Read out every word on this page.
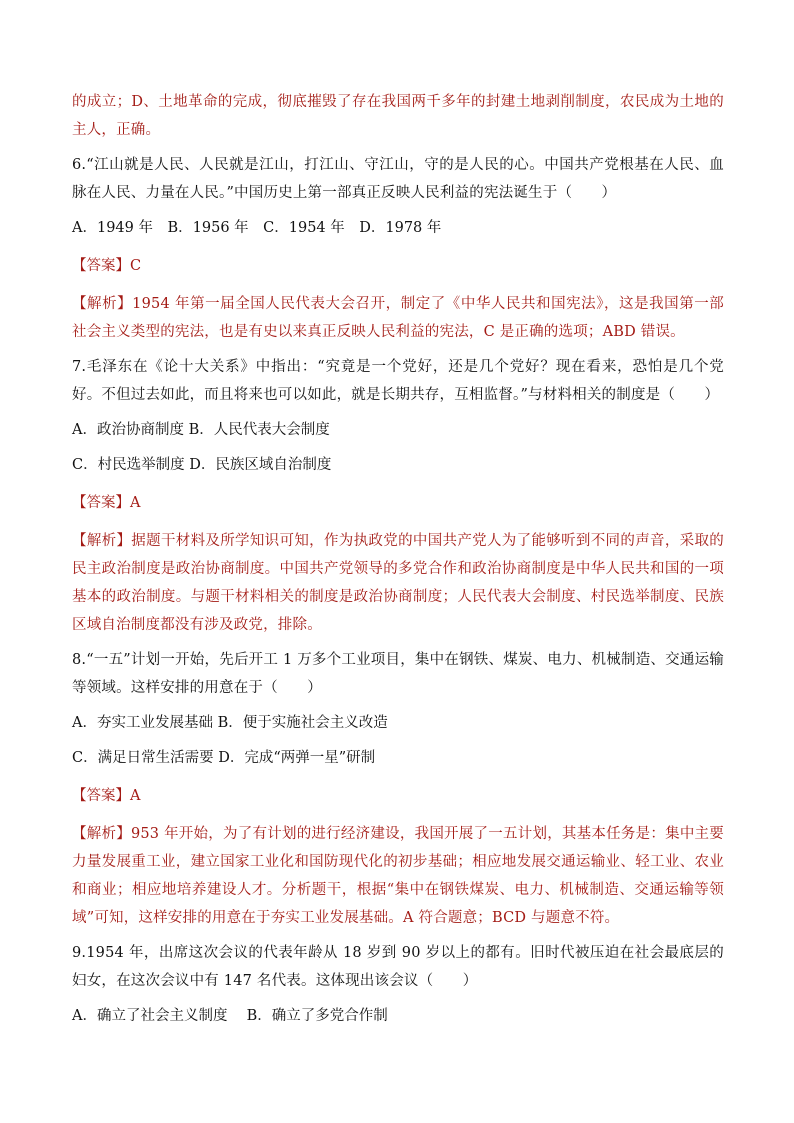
的成立；D、土地革命的完成，彻底摧毁了存在我国两千多年的封建土地剥削制度，农民成为土地的主人，正确。

6.“江山就是人民、人民就是江山，打江山、守江山，守的是人民的心。中国共产党根基在人民、血脉在人民、力量在人民。”中国历史上第一部真正反映人民利益的宪法诞生于（　　）

A．1949 年　B．1956 年　C．1954 年　D．1978 年

【答案】C

【解析】1954 年第一届全国人民代表大会召开，制定了《中华人民共和国宪法》，这是我国第一部社会主义类型的宪法，也是有史以来真正反映人民利益的宪法，C 是正确的选项；ABD 错误。

7.毛泽东在《论十大关系》中指出：“究竟是一个党好，还是几个党好？现在看来，恐怕是几个党好。不但过去如此，而且将来也可以如此，就是长期共存，互相监督。”与材料相关的制度是（　　）

A．政治协商制度 B．人民代表大会制度

C．村民选举制度 D．民族区域自治制度

【答案】A

【解析】据题干材料及所学知识可知，作为执政党的中国共产党人为了能够听到不同的声音，采取的民主政治制度是政治协商制度。中国共产党领导的多党合作和政治协商制度是中华人民共和国的一项基本的政治制度。与题干材料相关的制度是政治协商制度；人民代表大会制度、村民选举制度、民族区域自治制度都没有涉及政党，排除。

8.“一五”计划一开始，先后开工 1 万多个工业项目，集中在钢铁、煤炭、电力、机械制造、交通运输等领域。这样安排的用意在于（　　）

A．夯实工业发展基础 B．便于实施社会主义改造

C．满足日常生活需要 D．完成“两弹一星”研制

【答案】A

【解析】953 年开始，为了有计划的进行经济建设，我国开展了一五计划，其基本任务是：集中主要力量发展重工业，建立国家工业化和国防现代化的初步基础；相应地发展交通运输业、轻工业、农业和商业；相应地培养建设人才。分析题干，根据“集中在钢铁煤炭、电力、机械制造、交通运输等领域”可知，这样安排的用意在于夯实工业发展基础。A 符合题意；BCD 与题意不符。

9.1954 年，出席这次会议的代表年龄从 18 岁到 90 岁以上的都有。旧时代被压迫在社会最底层的妇女，在这次会议中有 147 名代表。这体现出该会议（　　）

A．确立了社会主义制度　 B．确立了多党合作制
